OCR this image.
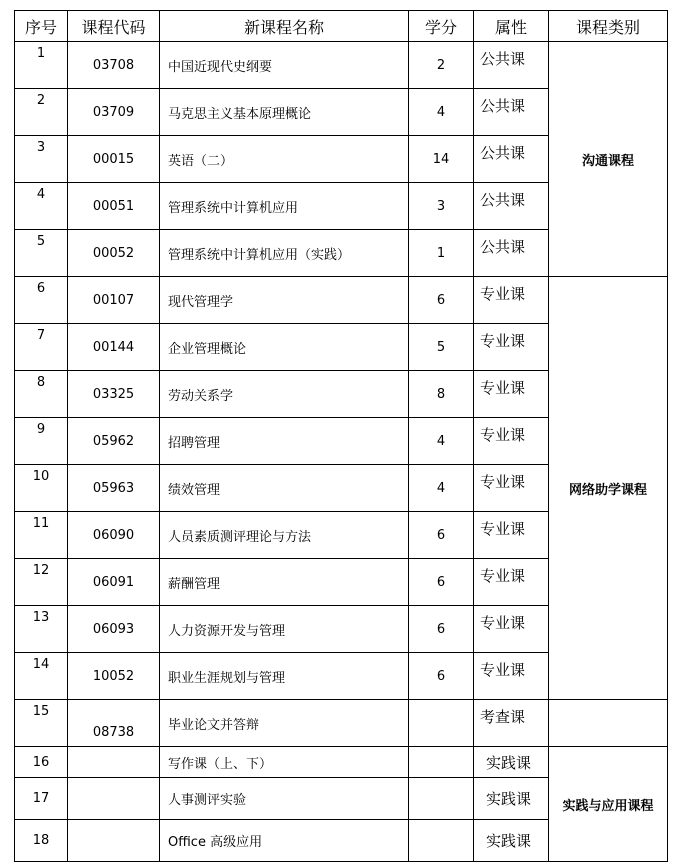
序号	课程代码	新课程名称	学分	属性	课程类别
1	03708	中国近现代史纲要	2	公共课	沟通课程
2	03709	马克思主义基本原理概论	4	公共课	
3	00015	英语（二）	14	公共课	
4	00051	管理系统中计算机应用	3	公共课	
5	00052	管理系统中计算机应用（实践）	1	公共课	
6	00107	现代管理学	6	专业课	网络助学课程
7	00144	企业管理概论	5	专业课	
8	03325	劳动关系学	8	专业课	
9	05962	招聘管理	4	专业课	
10	05963	绩效管理	4	专业课	
11	06090	人员素质测评理论与方法	6	专业课	
12	06091	薪酬管理	6	专业课	
13	06093	人力资源开发与管理	6	专业课	
14	10052	职业生涯规划与管理	6	专业课	
15	08738	毕业论文并答辩		考查课	
16		写作课（上、下）		实践课	实践与应用课程
17		人事测评实验		实践课	
18		Office 高级应用		实践课	
